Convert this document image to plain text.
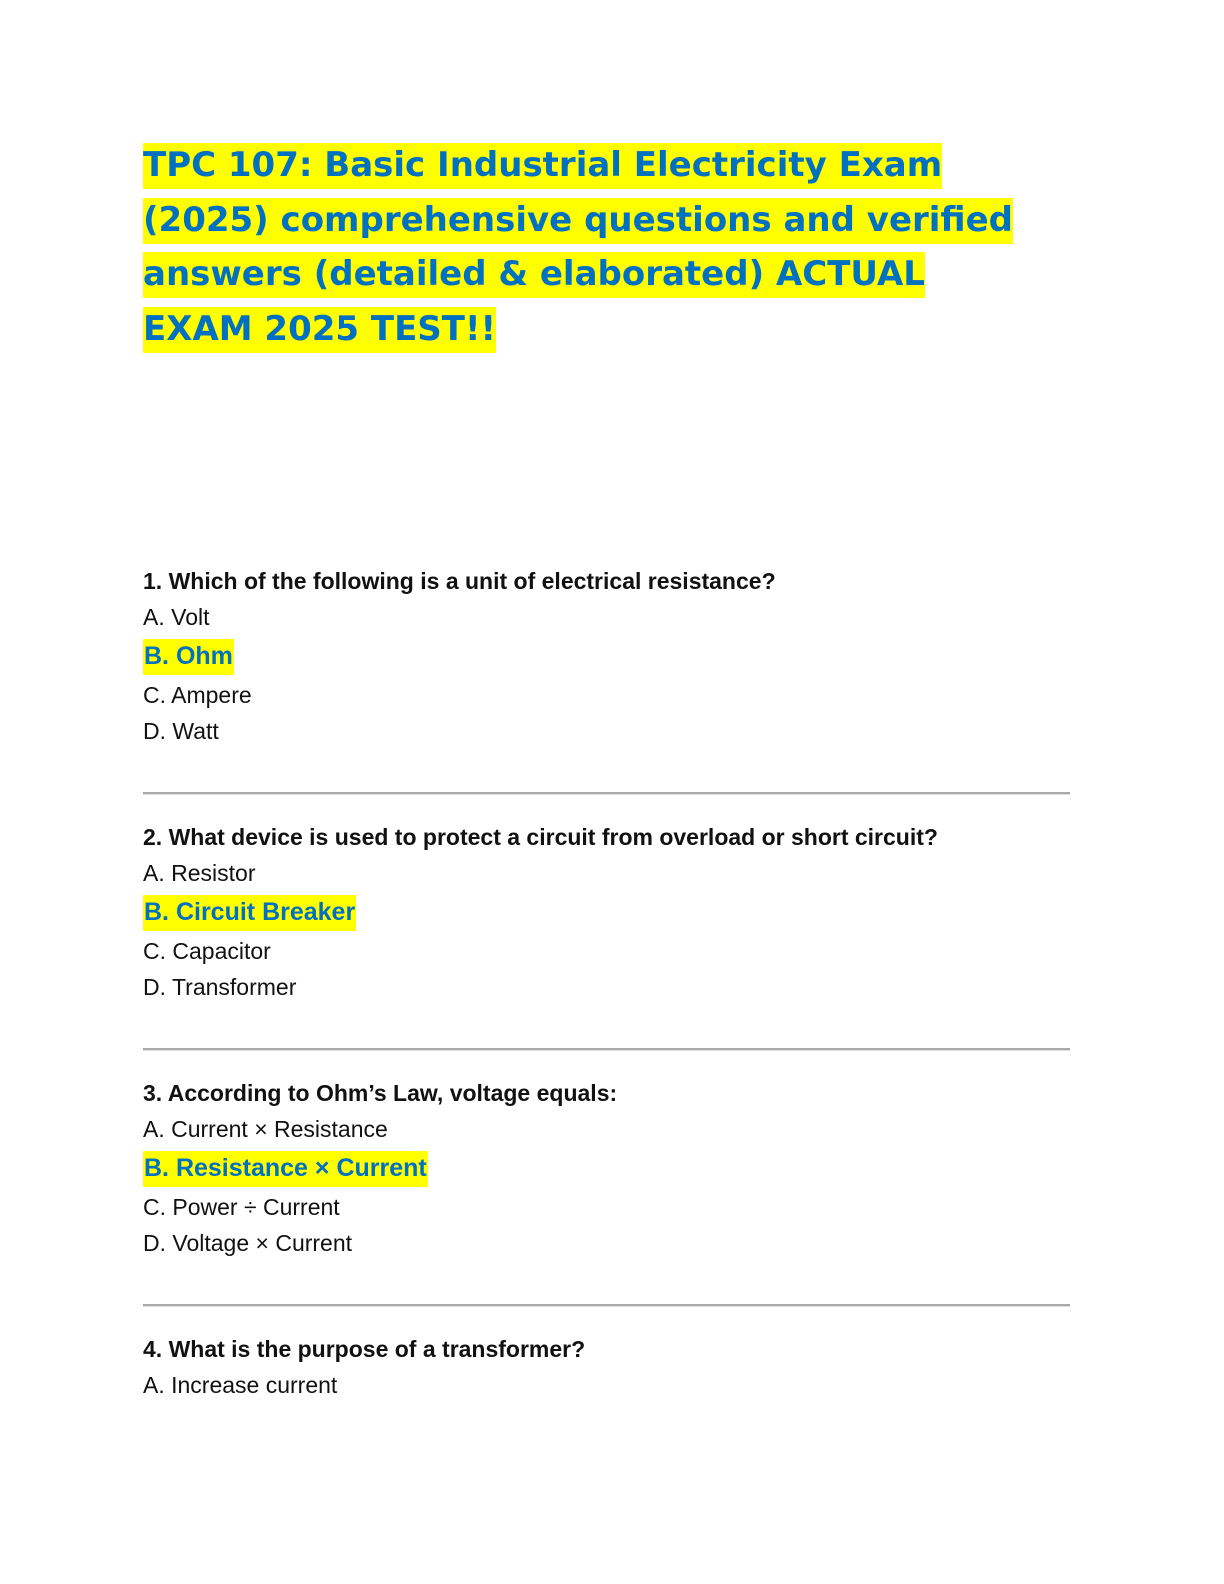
TPC 107: Basic Industrial Electricity Exam (2025) comprehensive questions and verified answers (detailed & elaborated) ACTUAL EXAM 2025 TEST!!
1. Which of the following is a unit of electrical resistance?
A. Volt
B. Ohm
C. Ampere
D. Watt
2. What device is used to protect a circuit from overload or short circuit?
A. Resistor
B. Circuit Breaker
C. Capacitor
D. Transformer
3. According to Ohm’s Law, voltage equals:
A. Current × Resistance
B. Resistance × Current
C. Power ÷ Current
D. Voltage × Current
4. What is the purpose of a transformer?
A. Increase current
